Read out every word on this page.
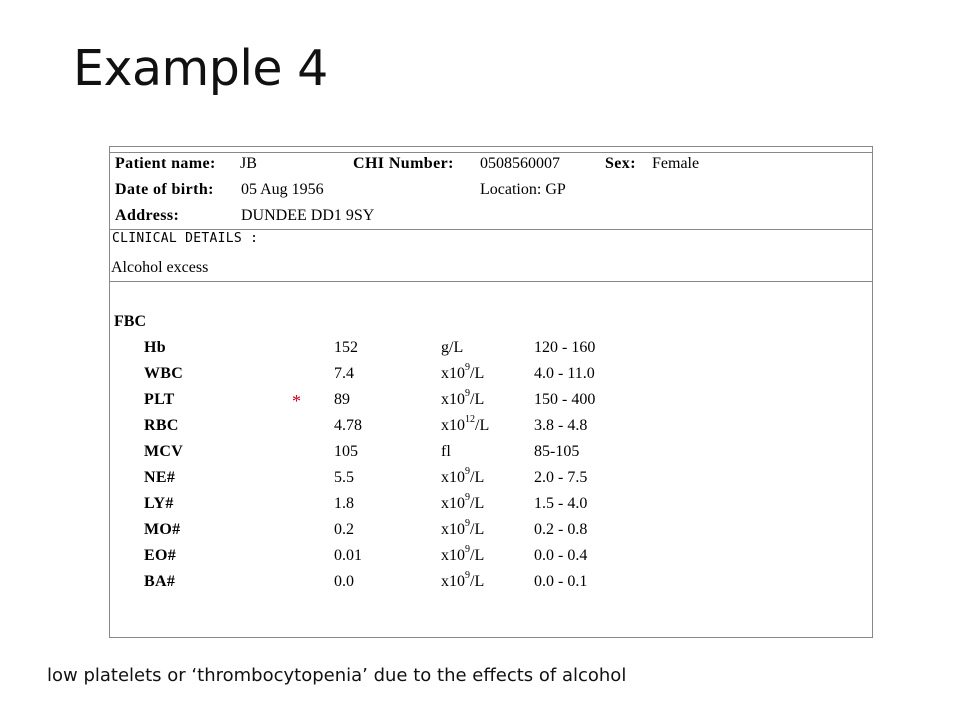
Example 4
Patient name: JB	CHI Number: 0508560007	Sex: Female
Date of birth: 05 Aug 1956	Location: GP
Address:	DUNDEE DD1 9SY
CLINICAL DETAILS :
Alcohol excess
FBC
Hb	152	g/L	120 - 160
WBC	7.4	$x10^9/L$	4.0 - 11.0
PLT	* 89	$x10^9/L$	150 - 400
RBC	4.78	$x10^{12}/L$	3.8 - 4.8
MCV	105	fl	85-105
NE#	5.5	$x10^9/L$	2.0 - 7.5
LY#	1.8	$x10^9/L$	1.5 - 4.0
MO#	0.2	$x10^9/L$	0.2 - 0.8
EO#	0.01	$x10^9/L$	0.0 - 0.4
BA#	0.0	$x10^9/L$	0.0 - 0.1
low platelets or ‘thrombocytopenia’ due to the effects of alcohol
